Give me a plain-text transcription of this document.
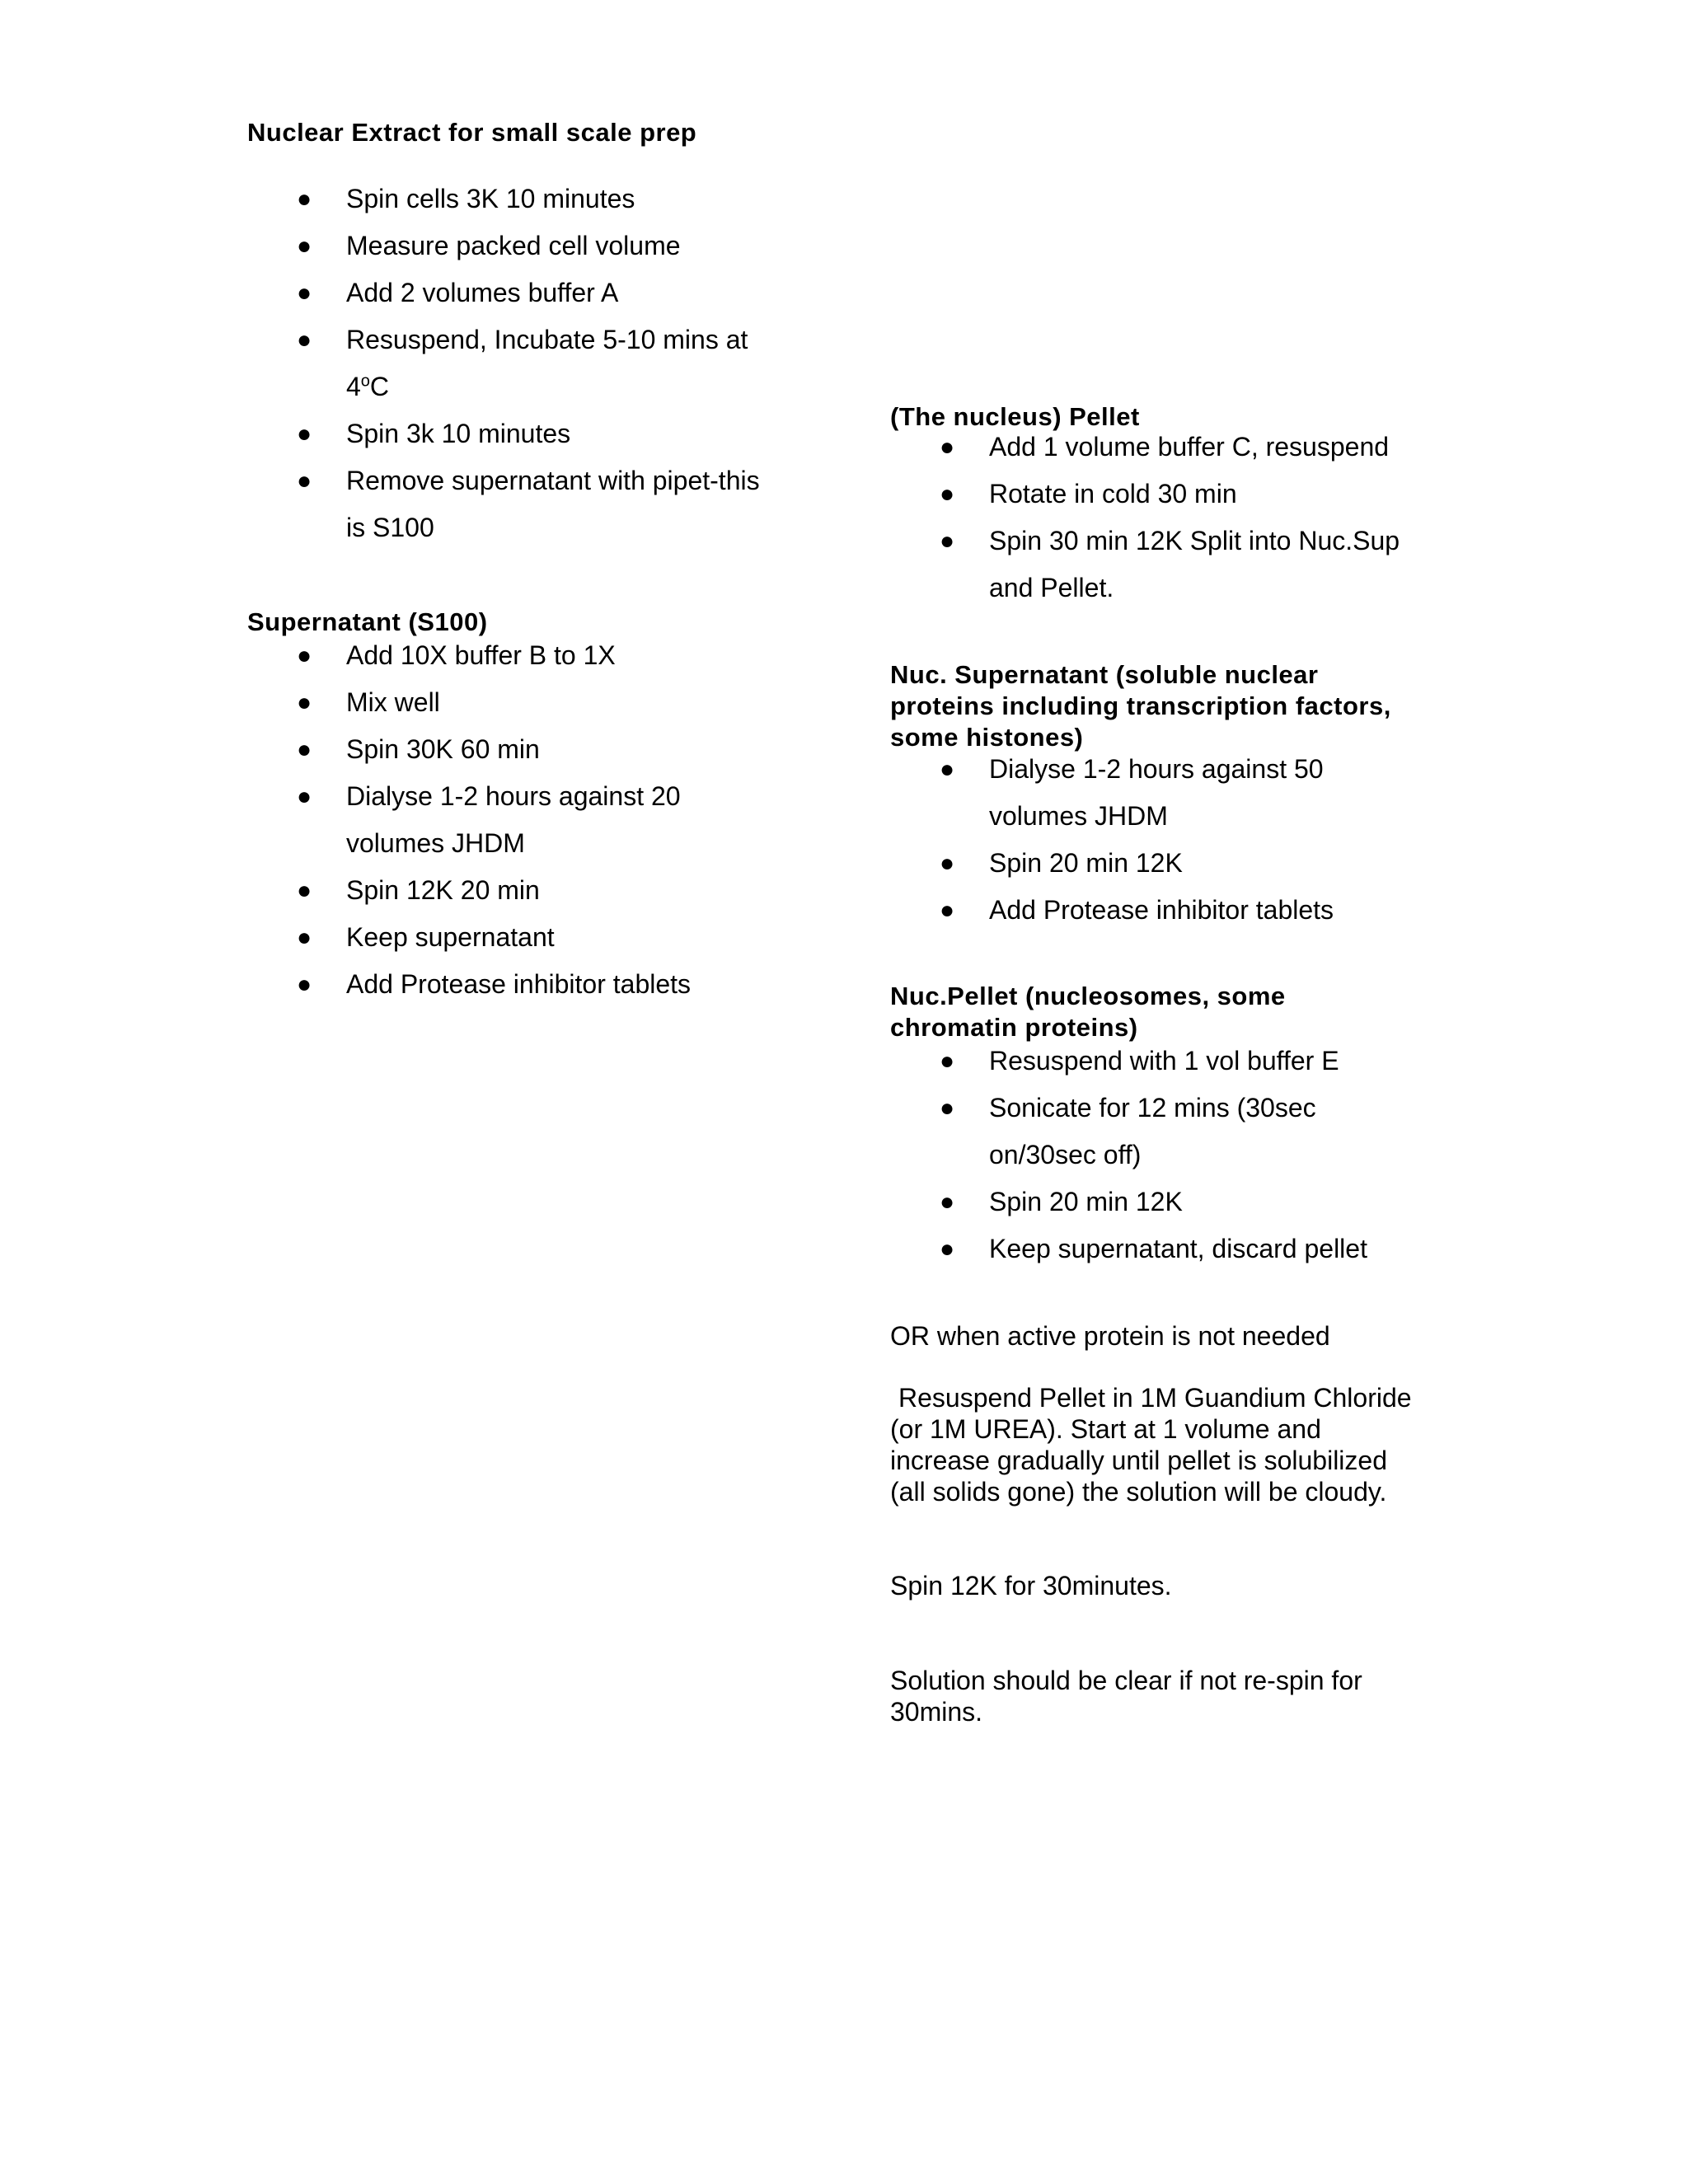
Nuclear Extract for small scale prep
● Spin cells 3K 10 minutes
● Measure packed cell volume
● Add 2 volumes buffer A
● Resuspend, Incubate 5-10 mins at
4$^o$C
● Spin 3k 10 minutes
● Remove supernatant with pipet-this
is S100
Supernatant (S100)
● Add 10X buffer B to 1X
● Mix well
● Spin 30K 60 min
● Dialyse 1-2 hours against 20
volumes JHDM
● Spin 12K 20 min
● Keep supernatant
● Add Protease inhibitor tablets
(The nucleus) Pellet
● Add 1 volume buffer C, resuspend
● Rotate in cold 30 min
● Spin 30 min 12K Split into Nuc.Sup
and Pellet.
Nuc. Supernatant (soluble nuclear
proteins including transcription factors,
some histones)
● Dialyse 1-2 hours against 50
volumes JHDM
● Spin 20 min 12K
● Add Protease inhibitor tablets
Nuc.Pellet (nucleosomes, some
chromatin proteins)
● Resuspend with 1 vol buffer E
● Sonicate for 12 mins (30sec
on/30sec off)
● Spin 20 min 12K
● Keep supernatant, discard pellet
OR when active protein is not needed
Resuspend Pellet in 1M Guandium Chloride
(or 1M UREA). Start at 1 volume and
increase gradually until pellet is solubilized
(all solids gone) the solution will be cloudy.
Spin 12K for 30minutes.
Solution should be clear if not re-spin for
30mins.
